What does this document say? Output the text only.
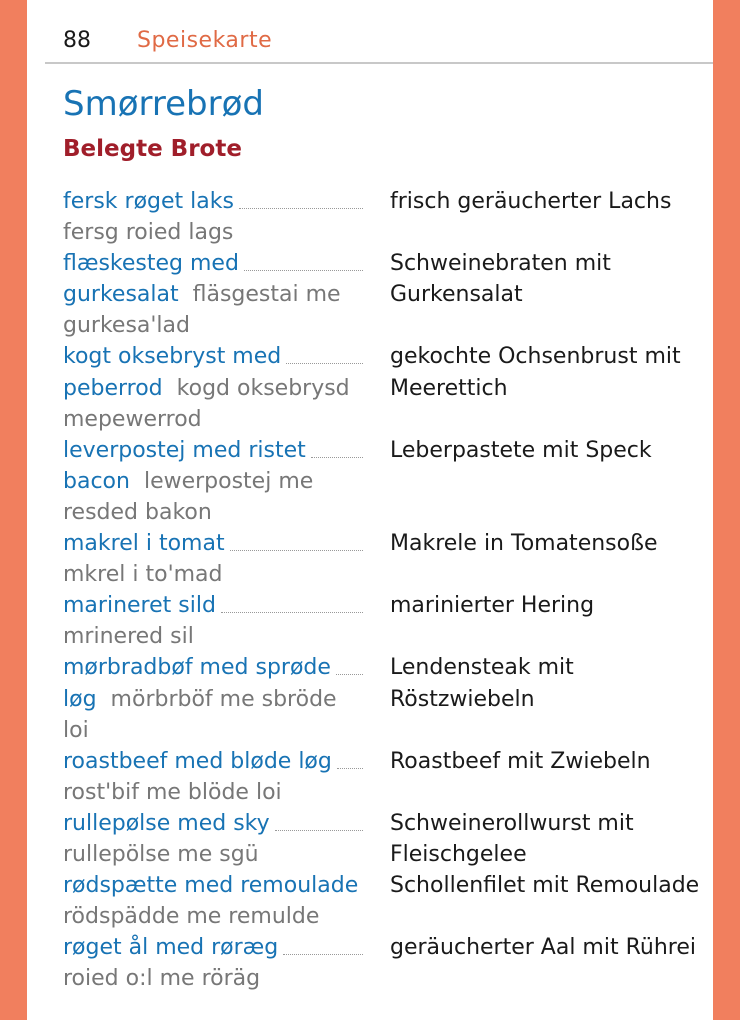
88 Speisekarte
Smørrebrød
Belegte Brote
fersk røget laks
fersg roied lags
frisch geräucherter Lachs
flæskesteg med
gurkesalat fläsgestai me gurkesa'lad
Schweinebraten mit
Gurkensalat
kogt oksebryst med
peberrod kogd oksebrysd mepewerrod
gekochte Ochsenbrust mit
Meerettich
leverpostej med ristet
bacon lewerpostej me resded bakon
Leberpastete mit Speck
makrel i tomat
mkrel i to'mad
Makrele in Tomatensoße
marineret sild
mrinered sil
marinierter Hering
mørbradbøf med sprøde
løg mörbrböf me sbröde loi
Lendensteak mit
Röstzwiebeln
roastbeef med bløde løg
rost'bif me blöde loi
Roastbeef mit Zwiebeln
rullepølse med sky
rullepölse me sgü
Schweinerollwurst mit
Fleischgelee
rødspætte med remoulade
rödspädde me remulde
Schollenfilet mit Remoulade
røget ål med røræg
roied o:l me röräg
geräucherter Aal mit Rührei
